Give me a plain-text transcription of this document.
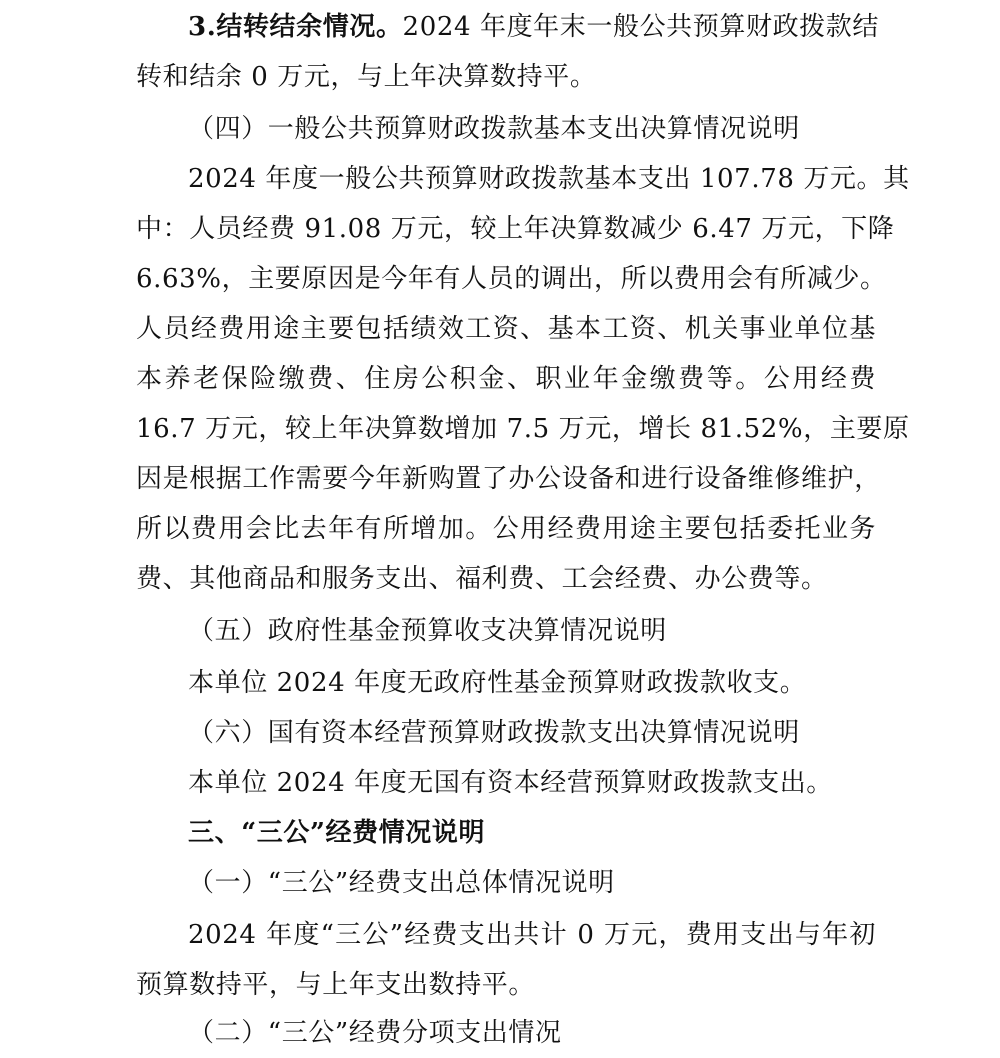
3.结转结余情况。2024 年度年末一般公共预算财政拨款结
转和结余 0 万元，与上年决算数持平。
（四）一般公共预算财政拨款基本支出决算情况说明
2024 年度一般公共预算财政拨款基本支出 107.78 万元。其
中：人员经费 91.08 万元，较上年决算数减少 6.47 万元，下降
6.63%，主要原因是今年有人员的调出，所以费用会有所减少。
人员经费用途主要包括绩效工资、基本工资、机关事业单位基
本养老保险缴费、住房公积金、职业年金缴费等。公用经费
16.7 万元，较上年决算数增加 7.5 万元，增长 81.52%，主要原
因是根据工作需要今年新购置了办公设备和进行设备维修维护，
所以费用会比去年有所增加。公用经费用途主要包括委托业务
费、其他商品和服务支出、福利费、工会经费、办公费等。
（五）政府性基金预算收支决算情况说明
本单位 2024 年度无政府性基金预算财政拨款收支。
（六）国有资本经营预算财政拨款支出决算情况说明
本单位 2024 年度无国有资本经营预算财政拨款支出。
三、“三公”经费情况说明
（一）“三公”经费支出总体情况说明
2024 年度“三公”经费支出共计 0 万元，费用支出与年初
预算数持平，与上年支出数持平。
（二）“三公”经费分项支出情况
